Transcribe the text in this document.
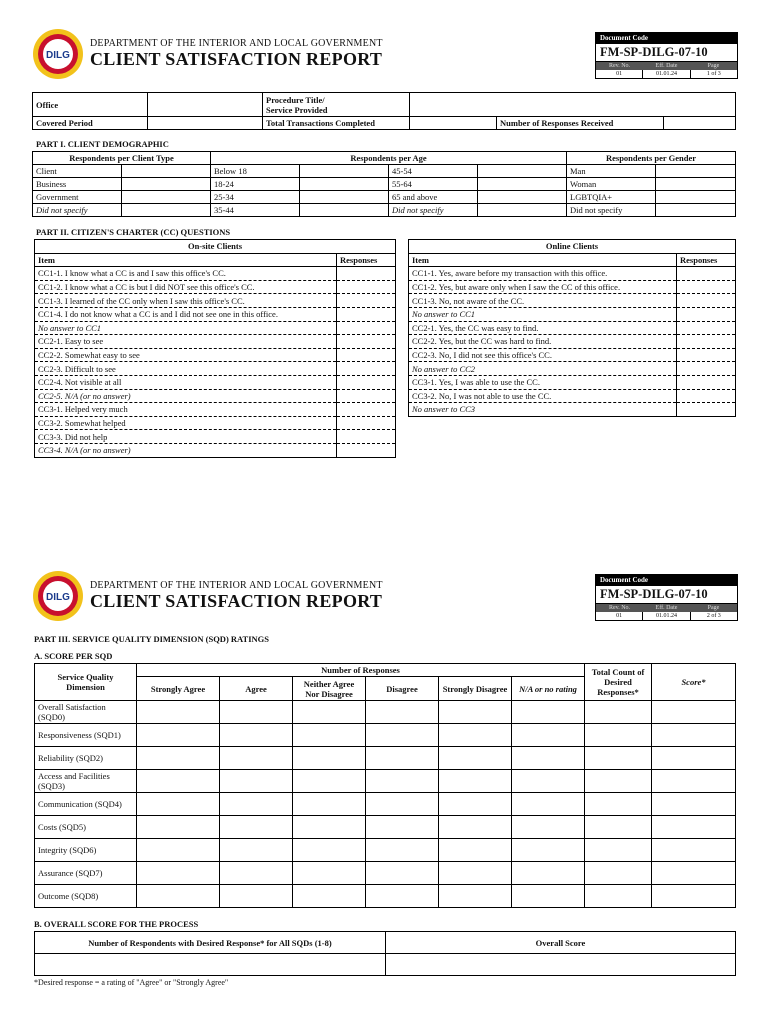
DILG
DEPARTMENT OF THE INTERIOR AND LOCAL GOVERNMENT
CLIENT SATISFACTION REPORT
Document Code
FM-SP-DILG-07-10
Rev. No.	Eff. Date	Page
01	01.01.24	1 of 3
Office		Procedure Title/
Service Provided			
Covered Period		Total Transactions Completed		Number of Responses Received	
PART I. CLIENT DEMOGRAPHIC
Respondents per Client Type		Respondents per Age				Respondents per Gender	
Client		Below 18		45-54		Man	
Business		18-24		55-64		Woman	
Government		25-34		65 and above		LGBTQIA+	
Did not specify		35-44		Did not specify		Did not specify	
PART II. CITIZEN'S CHARTER (CC) QUESTIONS
On-site Clients	
Item	Responses
CC1-1. I know what a CC is and I saw this office's CC.	
CC1-2. I know what a CC is but I did NOT see this office's CC.	
CC1-3. I learned of the CC only when I saw this office's CC.	
CC1-4. I do not know what a CC is and I did not see one in this office.	
No answer to CC1	
CC2-1. Easy to see	
CC2-2. Somewhat easy to see	
CC2-3. Difficult to see	
CC2-4. Not visible at all	
CC2-5. N/A (or no answer)	
CC3-1. Helped very much	
CC3-2. Somewhat helped	
CC3-3. Did not help	
CC3-4. N/A (or no answer)	
Online Clients	
Item	Responses
CC1-1. Yes, aware before my transaction with this office.	
CC1-2. Yes, but aware only when I saw the CC of this office.	
CC1-3. No, not aware of the CC.	
No answer to CC1	
CC2-1. Yes, the CC was easy to find.	
CC2-2. Yes, but the CC was hard to find.	
CC2-3. No, I did not see this office's CC.	
No answer to CC2	
CC3-1. Yes, I was able to use the CC.	
CC3-2. No, I was not able to use the CC.	
No answer to CC3	
DILG
DEPARTMENT OF THE INTERIOR AND LOCAL GOVERNMENT
CLIENT SATISFACTION REPORT
Document Code
FM-SP-DILG-07-10
Rev. No.	Eff. Date	Page
01	01.01.24	2 of 3
PART III. SERVICE QUALITY DIMENSION (SQD) RATINGS
A. SCORE PER SQD
Service Quality Dimension	Number of Responses						Total Count of Desired Responses*	Score*
	Strongly Agree	Agree	Neither Agree Nor Disagree	Disagree	Strongly Disagree	N/A or no rating		
Overall Satisfaction (SQD0)								
Responsiveness (SQD1)								
Reliability (SQD2)								
Access and Facilities (SQD3)								
Communication (SQD4)								
Costs (SQD5)								
Integrity (SQD6)								
Assurance (SQD7)								
Outcome (SQD8)								
B. OVERALL SCORE FOR THE PROCESS
Number of Respondents with Desired Response* for All SQDs (1-8)	Overall Score

*Desired response = a rating of "Agree" or "Strongly Agree"
